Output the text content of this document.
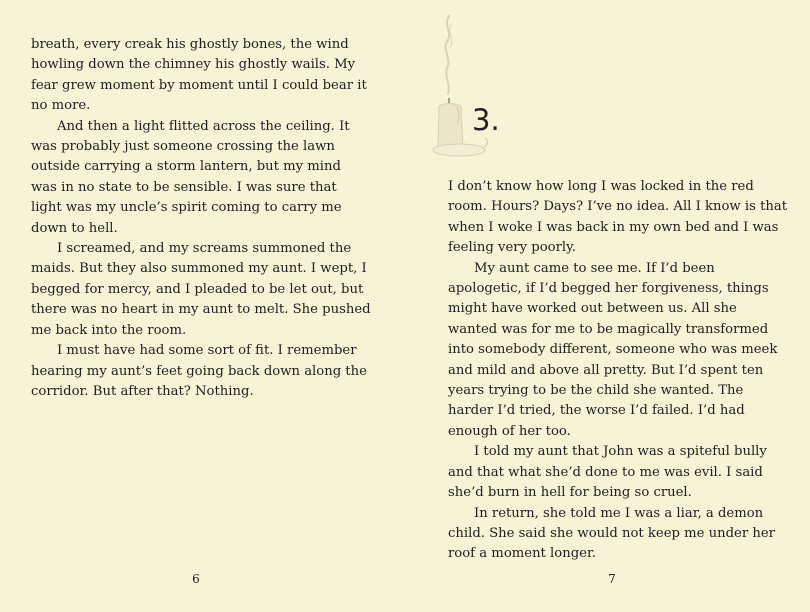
breath, every creak his ghostly bones, the wind howling down the chimney his ghostly wails. My fear grew moment by moment until I could bear it no more.

And then a light flitted across the ceiling. It was probably just someone crossing the lawn outside carrying a storm lantern, but my mind was in no state to be sensible. I was sure that light was my uncle’s spirit coming to carry me down to hell.

I screamed, and my screams summoned the maids. But they also summoned my aunt. I wept, I begged for mercy, and I pleaded to be let out, but there was no heart in my aunt to melt. She pushed me back into the room.

I must have had some sort of fit. I remember hearing my aunt’s feet going back down along the corridor. But after that? Nothing.

6
3.

I don’t know how long I was locked in the red room. Hours? Days? I’ve no idea. All I know is that when I woke I was back in my own bed and I was feeling very poorly.

My aunt came to see me. If I’d been apologetic, if I’d begged her forgiveness, things might have worked out between us. All she wanted was for me to be magically transformed into somebody different, someone who was meek and mild and above all pretty. But I’d spent ten years trying to be the child she wanted. The harder I’d tried, the worse I’d failed. I’d had enough of her too.

I told my aunt that John was a spiteful bully and that what she’d done to me was evil. I said she’d burn in hell for being so cruel.

In return, she told me I was a liar, a demon child. She said she would not keep me under her roof a moment longer.

7
